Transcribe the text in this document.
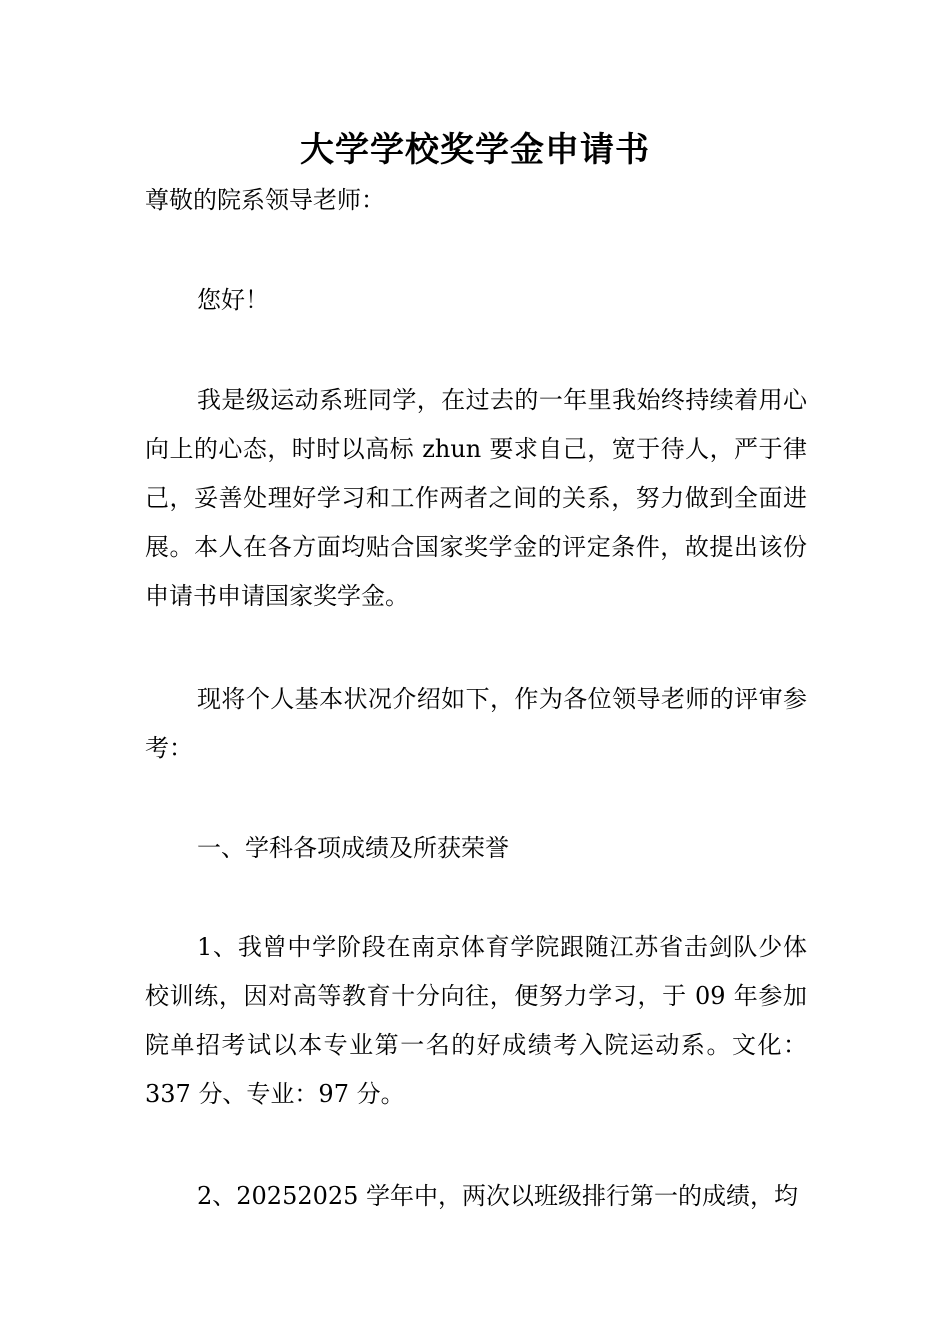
大学学校奖学金申请书
尊敬的院系领导老师：

您好！

我是级运动系班同学，在过去的一年里我始终持续着用心向上的心态，时时以高标 zhun 要求自己，宽于待人，严于律己，妥善处理好学习和工作两者之间的关系，努力做到全面进展。本人在各方面均贴合国家奖学金的评定条件，故提出该份申请书申请国家奖学金。

现将个人基本状况介绍如下，作为各位领导老师的评审参考：

一、学科各项成绩及所获荣誉

1、我曾中学阶段在南京体育学院跟随江苏省击剑队少体校训练，因对高等教育十分向往，便努力学习，于 09 年参加院单招考试以本专业第一名的好成绩考入院运动系。文化：337 分、专业：97 分。

2、20252025 学年中，两次以班级排行第一的成绩，均
